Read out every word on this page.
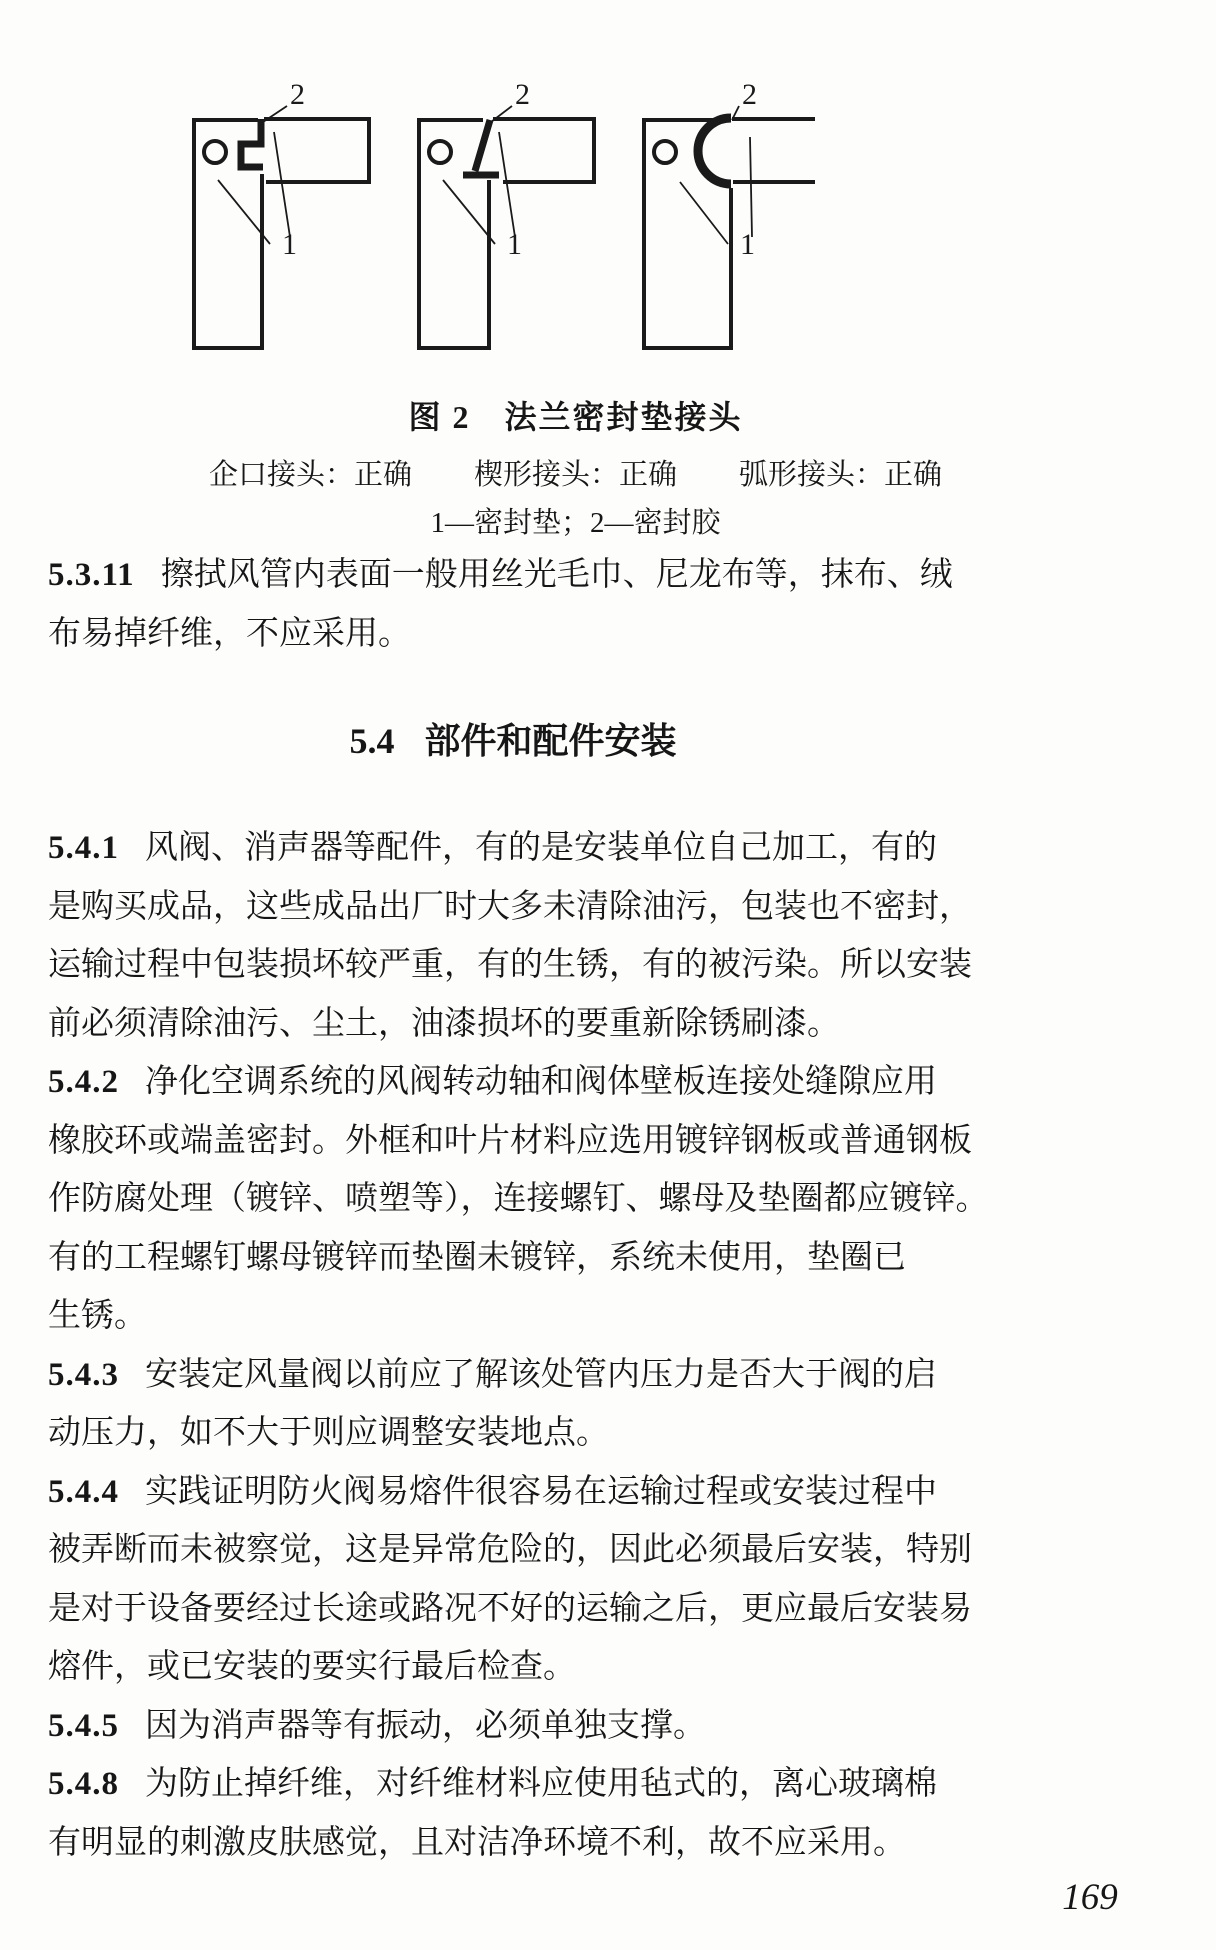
2
1
2
1
2
1
图 2　法兰密封垫接头
企口接头：正确 楔形接头：正确 弧形接头：正确
1—密封垫；2—密封胶
5.3.11 擦拭风管内表面一般用丝光毛巾、尼龙布等，抹布、绒
布易掉纤维，不应采用。
5.4 部件和配件安装
5.4.1 风阀、消声器等配件，有的是安装单位自己加工，有的
是购买成品，这些成品出厂时大多未清除油污，包装也不密封，
运输过程中包装损坏较严重，有的生锈，有的被污染。所以安装
前必须清除油污、尘土，油漆损坏的要重新除锈刷漆。
5.4.2 净化空调系统的风阀转动轴和阀体壁板连接处缝隙应用
橡胶环或端盖密封。外框和叶片材料应选用镀锌钢板或普通钢板
作防腐处理（镀锌、喷塑等），连接螺钉、螺母及垫圈都应镀锌。
有的工程螺钉螺母镀锌而垫圈未镀锌，系统未使用，垫圈已
生锈。
5.4.3 安装定风量阀以前应了解该处管内压力是否大于阀的启
动压力，如不大于则应调整安装地点。
5.4.4 实践证明防火阀易熔件很容易在运输过程或安装过程中
被弄断而未被察觉，这是异常危险的，因此必须最后安装，特别
是对于设备要经过长途或路况不好的运输之后，更应最后安装易
熔件，或已安装的要实行最后检查。
5.4.5 因为消声器等有振动，必须单独支撑。
5.4.8 为防止掉纤维，对纤维材料应使用毡式的，离心玻璃棉
有明显的刺激皮肤感觉，且对洁净环境不利，故不应采用。
169
